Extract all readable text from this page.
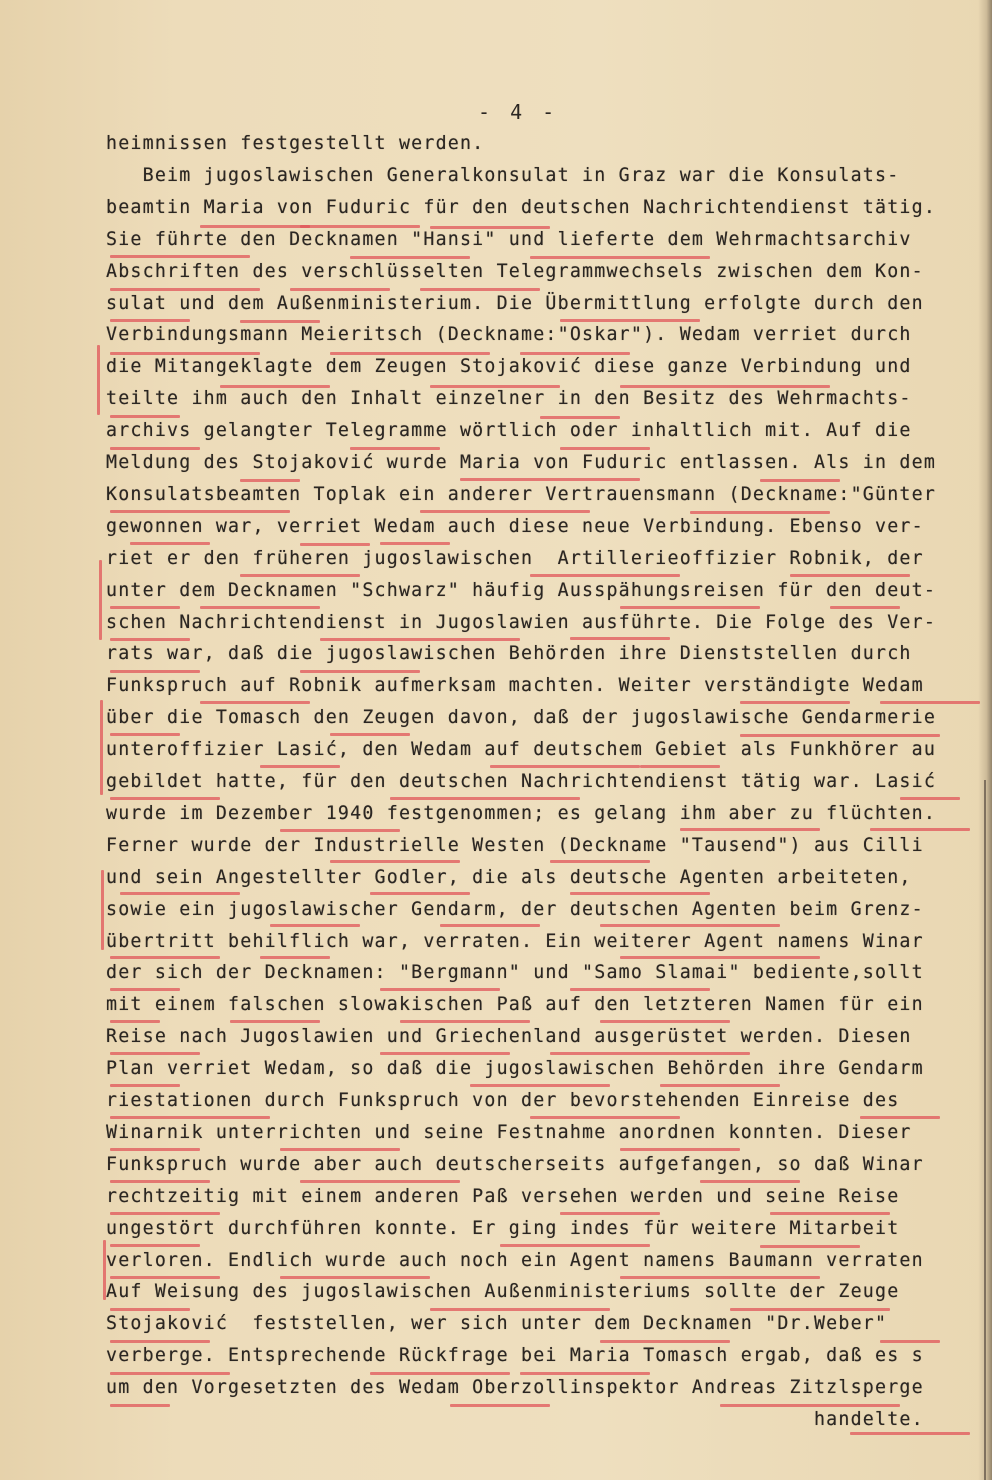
- 4 -
heimnissen festgestellt werden.
Beim jugoslawischen Generalkonsulat in Graz war die Konsulats-
beamtin Maria von Fuduric für den deutschen Nachrichtendienst tätig.
Sie führte den Decknamen "Hansi" und lieferte dem Wehrmachtsarchiv
Abschriften des verschlüsselten Telegrammwechsels zwischen dem Kon-
sulat und dem Außenministerium. Die Übermittlung erfolgte durch den
Verbindungsmann Meieritsch (Deckname:"Oskar"). Wedam verriet durch
die Mitangeklagte dem Zeugen Stojaković diese ganze Verbindung und
teilte ihm auch den Inhalt einzelner in den Besitz des Wehrmachts-
archivs gelangter Telegramme wörtlich oder inhaltlich mit. Auf die
Meldung des Stojaković wurde Maria von Fuduric entlassen. Als in dem
Konsulatsbeamten Toplak ein anderer Vertrauensmann (Deckname:"Günter
gewonnen war, verriet Wedam auch diese neue Verbindung. Ebenso ver-
riet er den früheren jugoslawischen  Artillerieoffizier Robnik, der
unter dem Decknamen "Schwarz" häufig Ausspähungsreisen für den deut-
schen Nachrichtendienst in Jugoslawien ausführte. Die Folge des Ver-
rats war, daß die jugoslawischen Behörden ihre Dienststellen durch
Funkspruch auf Robnik aufmerksam machten. Weiter verständigte Wedam
über die Tomasch den Zeugen davon, daß der jugoslawische Gendarmerie
unteroffizier Lasić, den Wedam auf deutschem Gebiet als Funkhörer au
gebildet hatte, für den deutschen Nachrichtendienst tätig war. Lasić
wurde im Dezember 1940 festgenommen; es gelang ihm aber zu flüchten.
Ferner wurde der Industrielle Westen (Deckname "Tausend") aus Cilli
und sein Angestellter Godler, die als deutsche Agenten arbeiteten,
sowie ein jugoslawischer Gendarm, der deutschen Agenten beim Grenz-
übertritt behilflich war, verraten. Ein weiterer Agent namens Winar
der sich der Decknamen: "Bergmann" und "Samo Slamai" bediente,sollt
mit einem falschen slowakischen Paß auf den letzteren Namen für ein
Reise nach Jugoslawien und Griechenland ausgerüstet werden. Diesen
Plan verriet Wedam, so daß die jugoslawischen Behörden ihre Gendarm
riestationen durch Funkspruch von der bevorstehenden Einreise des
Winarnik unterrichten und seine Festnahme anordnen konnten. Dieser
Funkspruch wurde aber auch deutscherseits aufgefangen, so daß Winar
rechtzeitig mit einem anderen Paß versehen werden und seine Reise
ungestört durchführen konnte. Er ging indes für weitere Mitarbeit
verloren. Endlich wurde auch noch ein Agent namens Baumann verraten
Auf Weisung des jugoslawischen Außenministeriums sollte der Zeuge
Stojaković  feststellen, wer sich unter dem Decknamen "Dr.Weber"
verberge. Entsprechende Rückfrage bei Maria Tomasch ergab, daß es s
um den Vorgesetzten des Wedam Oberzollinspektor Andreas Zitzlsperge
handelte.
